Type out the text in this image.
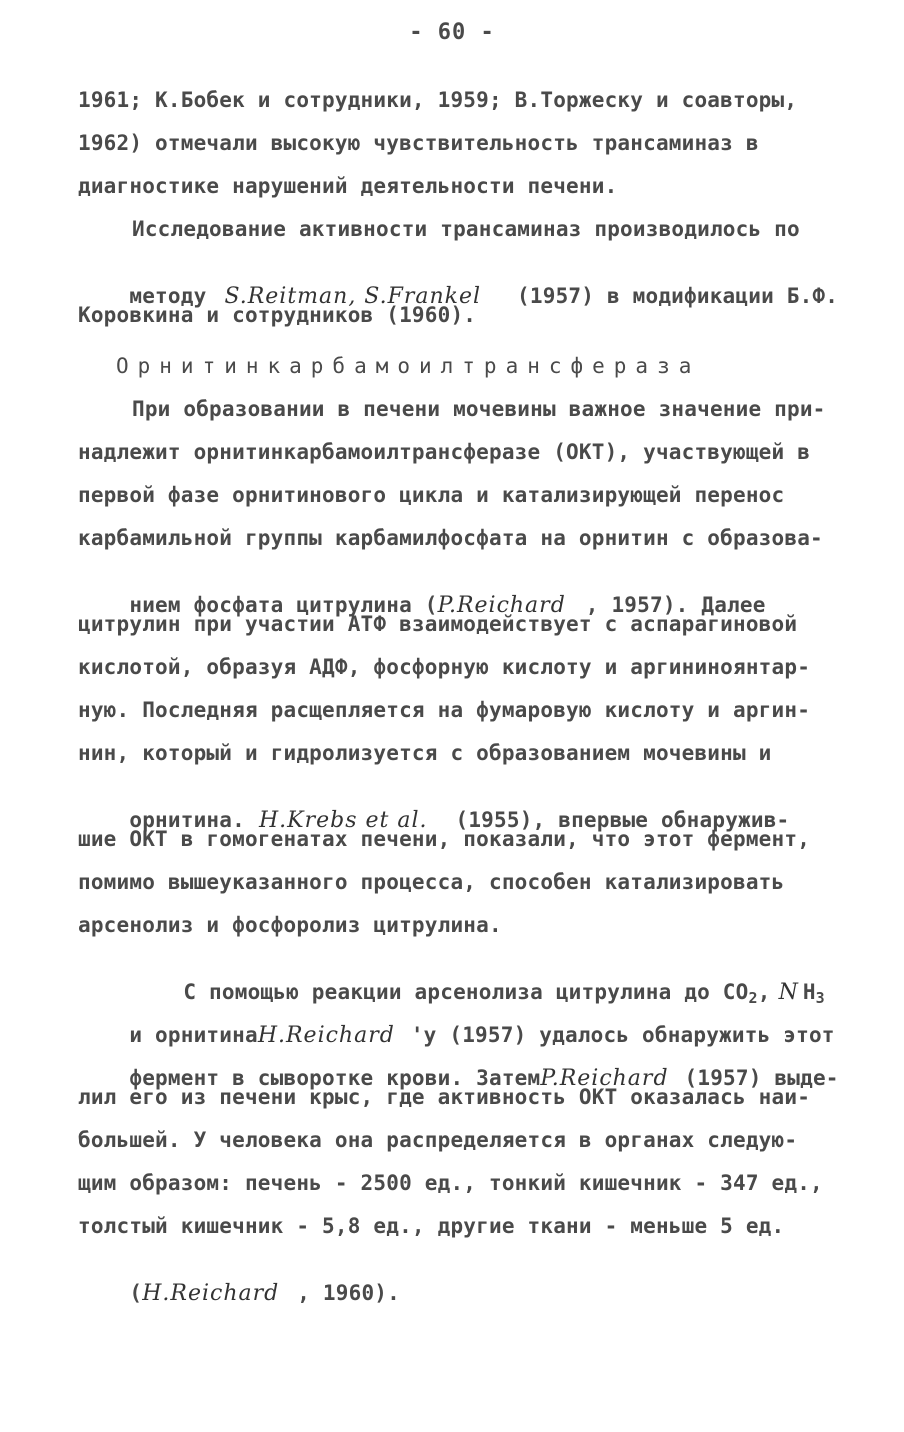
- 60 -
1961; К.Бобек и сотрудники, 1959; В.Торжеску и соавторы,
1962) отмечали высокую чувствительность трансаминаз в
диагностике нарушений деятельности печени.
Исследование активности трансаминаз производилось по

методу S.Reitman, S.Frankel (1957) в модификации Б.Ф.

Коровкина и сотрудников (1960).
Орнитинкарбамоилтрансфераза
При образовании в печени мочевины важное значение при-
надлежит орнитинкарбамоилтрансферазе (ОКТ), участвующей в
первой фазе орнитинового цикла и катализирующей перенос
карбамильной группы карбамилфосфата на орнитин с образова-

нием фосфата цитрулина (P.Reichard , 1957). Далее

цитрулин при участии АТФ взаимодействует с аспарагиновой
кислотой, образуя АДФ, фосфорную кислоту и аргининоянтар-
ную. Последняя расщепляется на фумаровую кислоту и аргин-
нин, который и гидролизуется с образованием мочевины и

орнитина. H.Krebs et al. (1955), впервые обнаружив-

шие ОКТ в гомогенатах печени, показали, что этот фермент,
помимо вышеуказанного процесса, способен катализировать
арсенолиз и фосфоролиз цитрулина.

С помощью реакции арсенолиза цитрулина до $CO_2$, N $H_3$

и орнитинаH.Reichard 'у (1957) удалось обнаружить этот

фермент в сыворотке крови. ЗатемP.Reichard (1957) выде-

лил его из печени крыс, где активность ОКТ оказалась наи-
большей. У человека она распределяется в органах следую-
щим образом: печень - 2500 ед., тонкий кишечник - 347 ед.,
толстый кишечник - 5,8 ед., другие ткани - меньше 5 ед.

(H.Reichard , 1960).
